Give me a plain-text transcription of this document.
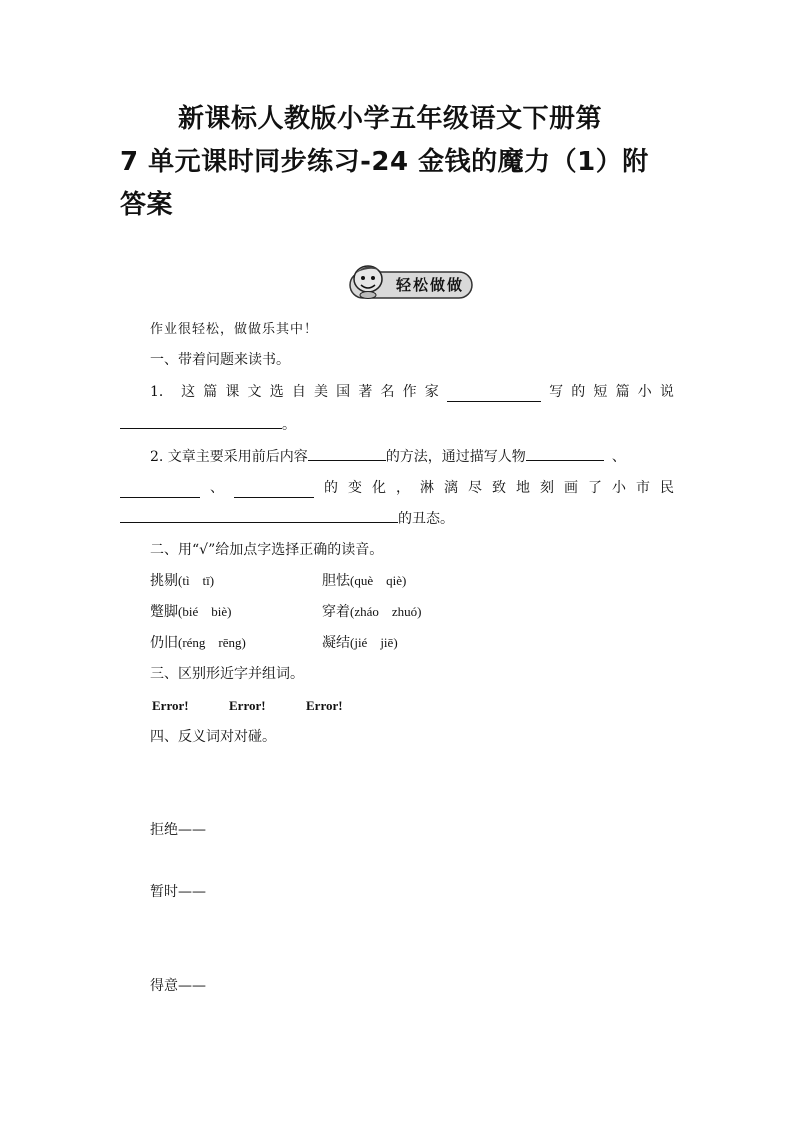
新课标人教版小学五年级语文下册第
7 单元课时同步练习-24 金钱的魔力（1）附
答案
轻松做做
作业很轻松，做做乐其中！
一、带着问题来读书。
1． 这 篇 课 文 选 自 美 国 著 名 作 家	写 的 短 篇 小 说
。
2. 文章主要采用前后内容	的方法，通过描写人物	、
、	的 变 化 ， 淋 漓 尽 致 地 刻 画 了 小 市 民
的丑态。
二、用“√”给加点字选择正确的读音。
挑剔(tì　tī)	胆怯(què　qiè)
蹩脚(bié　biè)	穿着(zháo　zhuó)
仍旧(réng　rēng)	凝结(jié　jiē)
三、区别形近字并组词。
Error!	Error!	Error!
四、反义词对对碰。
拒绝——
暂时——
得意——
